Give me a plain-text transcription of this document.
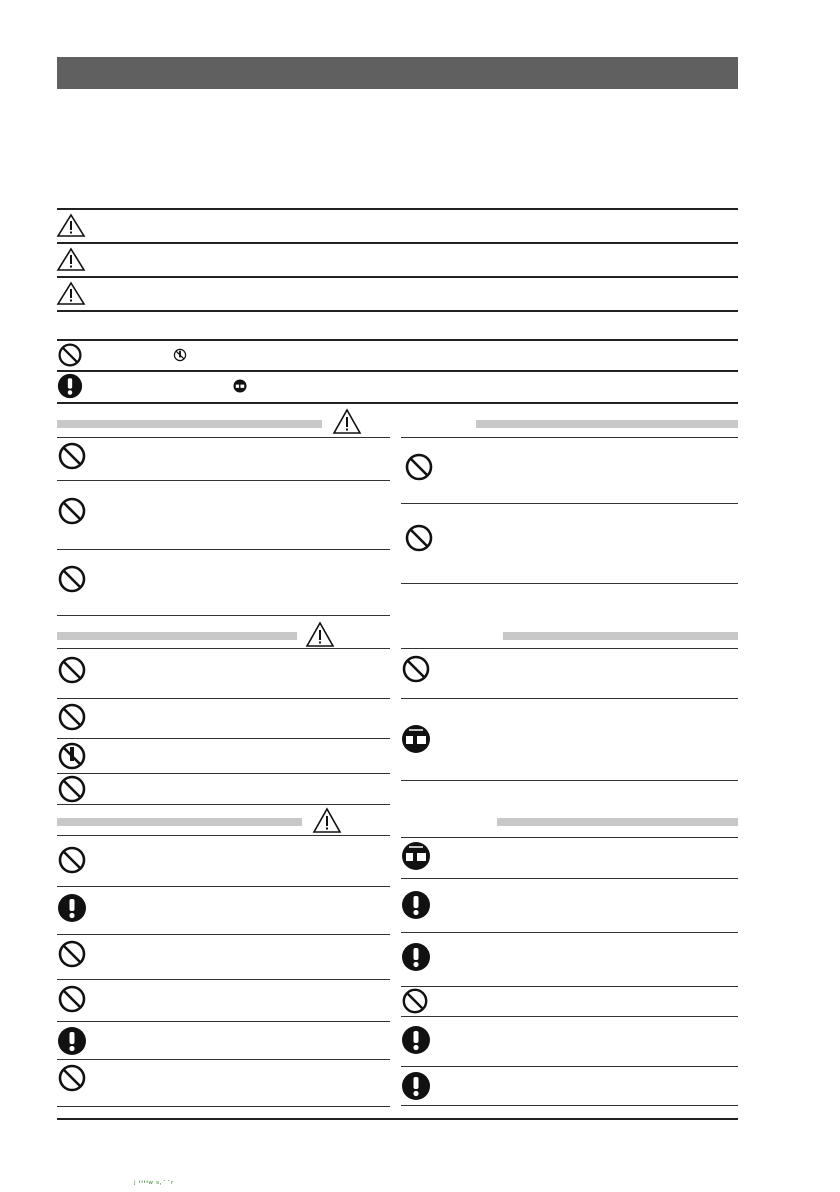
ʲ ''''ʷ ˢ·˙˙ʳ
